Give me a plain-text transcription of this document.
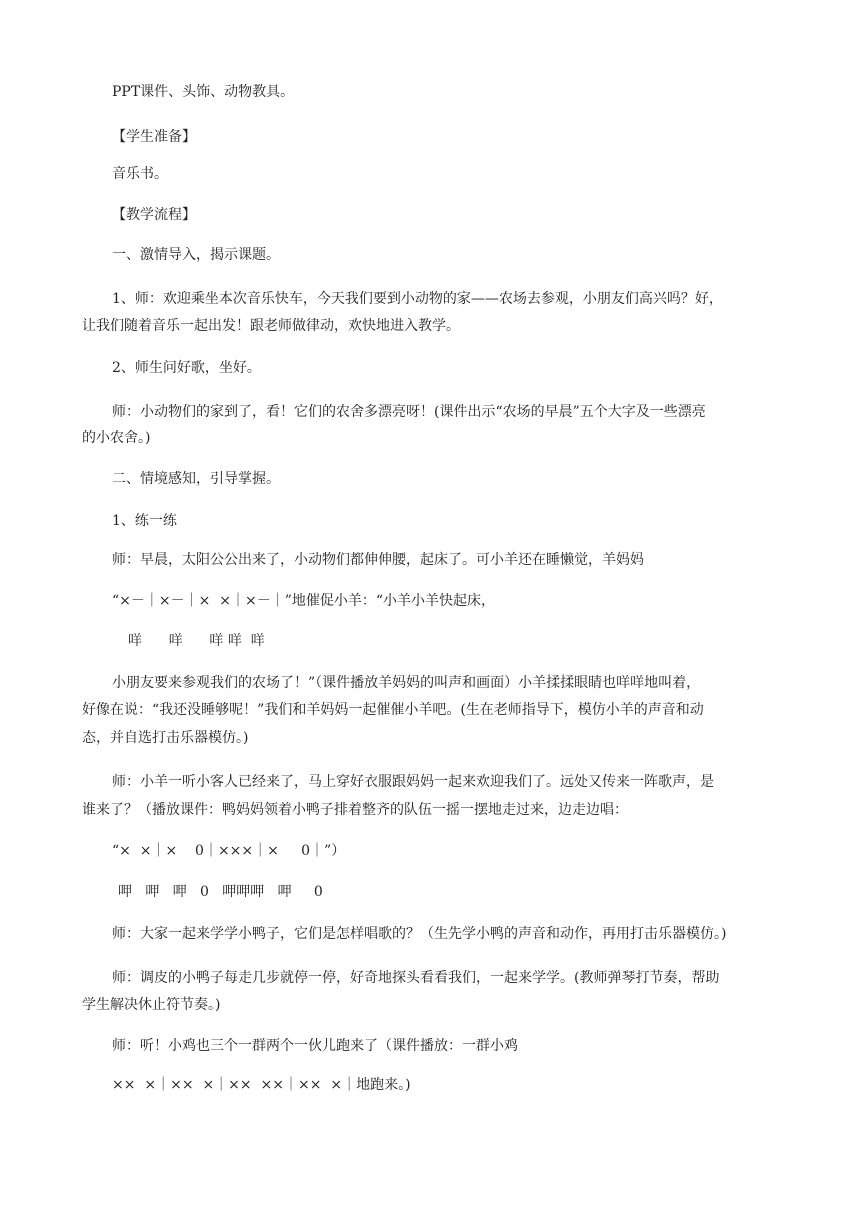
PPT课件、头饰、动物教具。

【学生准备】

音乐书。

【教学流程】

一、激情导入，揭示课题。

1、师：欢迎乘坐本次音乐快车，今天我们要到小动物的家——农场去参观，小朋友们高兴吗？好，

让我们随着音乐一起出发！跟老师做律动，欢快地进入教学。

2、师生问好歌，坐好。

师：小动物们的家到了，看！它们的农舍多漂亮呀！(课件出示“农场的早晨”五个大字及一些漂亮

的小农舍。)

二、情境感知，引导掌握。

1、练一练

师：早晨，太阳公公出来了，小动物们都伸伸腰，起床了。可小羊还在睡懒觉，羊妈妈

“×－｜×－｜×  ×｜×－｜”地催促小羊：“小羊小羊快起床，

咩      咩      咩 咩  咩

小朋友要来参观我们的农场了！”（课件播放羊妈妈的叫声和画面）小羊揉揉眼睛也咩咩地叫着，

好像在说：“我还没睡够呢！”我们和羊妈妈一起催催小羊吧。(生在老师指导下，模仿小羊的声音和动

态，并自选打击乐器模仿。)

师：小羊一听小客人已经来了，马上穿好衣服跟妈妈一起来欢迎我们了。远处又传来一阵歌声，是

谁来了？（播放课件：鸭妈妈领着小鸭子排着整齐的队伍一摇一摆地走过来，边走边唱：

“×  ×｜×    0｜×××｜×     0｜”）

呷   呷   呷   0   呷呷呷   呷     0

师：大家一起来学学小鸭子，它们是怎样唱歌的？（生先学小鸭的声音和动作，再用打击乐器模仿。)

师：调皮的小鸭子每走几步就停一停，好奇地探头看看我们，一起来学学。(教师弹琴打节奏，帮助

学生解决休止符节奏。)

师：听！小鸡也三个一群两个一伙儿跑来了（课件播放：一群小鸡

××  ×｜××  ×｜××  ××｜××  ×｜地跑来。)
